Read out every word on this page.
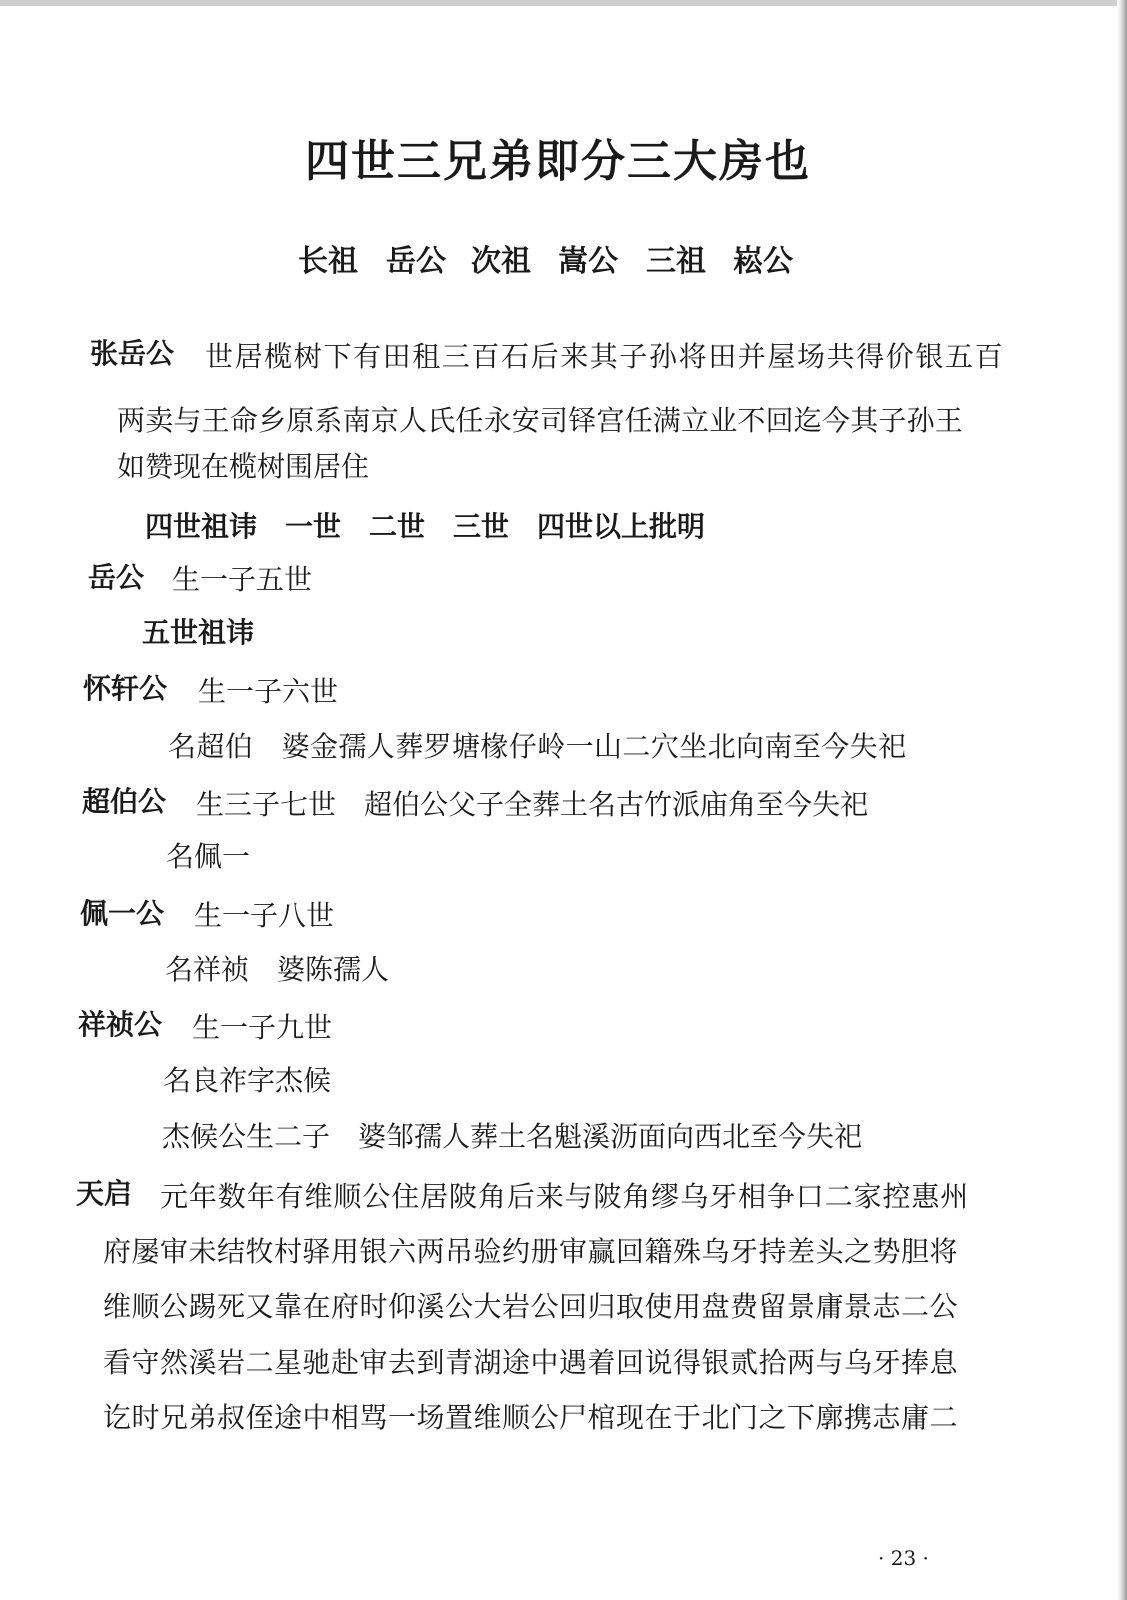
四世三兄弟即分三大房也
长祖 岳公 次祖 嵩公 三祖 崧公
张岳公 世居榄树下有田租三百石后来其子孙将田并屋场共得价银五百
两卖与王命乡原系南京人氏任永安司铎宫任满立业不回迄今其子孙王
如赞现在榄树围居住
四世祖讳　一世　二世　三世　四世以上批明
岳公 生一子五世
五世祖讳
怀轩公 生一子六世
名超伯　婆金孺人葬罗塘椽仔岭一山二穴坐北向南至今失祀
超伯公 生三子七世　超伯公父子全葬土名古竹派庙角至今失祀
名佩一
佩一公 生一子八世
名祥祯　婆陈孺人
祥祯公 生一子九世
名良祚字杰候
杰候公生二子　婆邹孺人葬土名魁溪沥面向西北至今失祀
天启 元年数年有维顺公住居陂角后来与陂角缪乌牙相争口二家控惠州
府屡审未结牧村驿用银六两吊验约册审赢回籍殊乌牙持差头之势胆将
维顺公踢死又靠在府时仰溪公大岩公回归取使用盘费留景庸景志二公
看守然溪岩二星驰赴审去到青湖途中遇着回说得银贰拾两与乌牙捧息
讫时兄弟叔侄途中相骂一场置维顺公尸棺现在于北门之下廓携志庸二
· 23 ·
